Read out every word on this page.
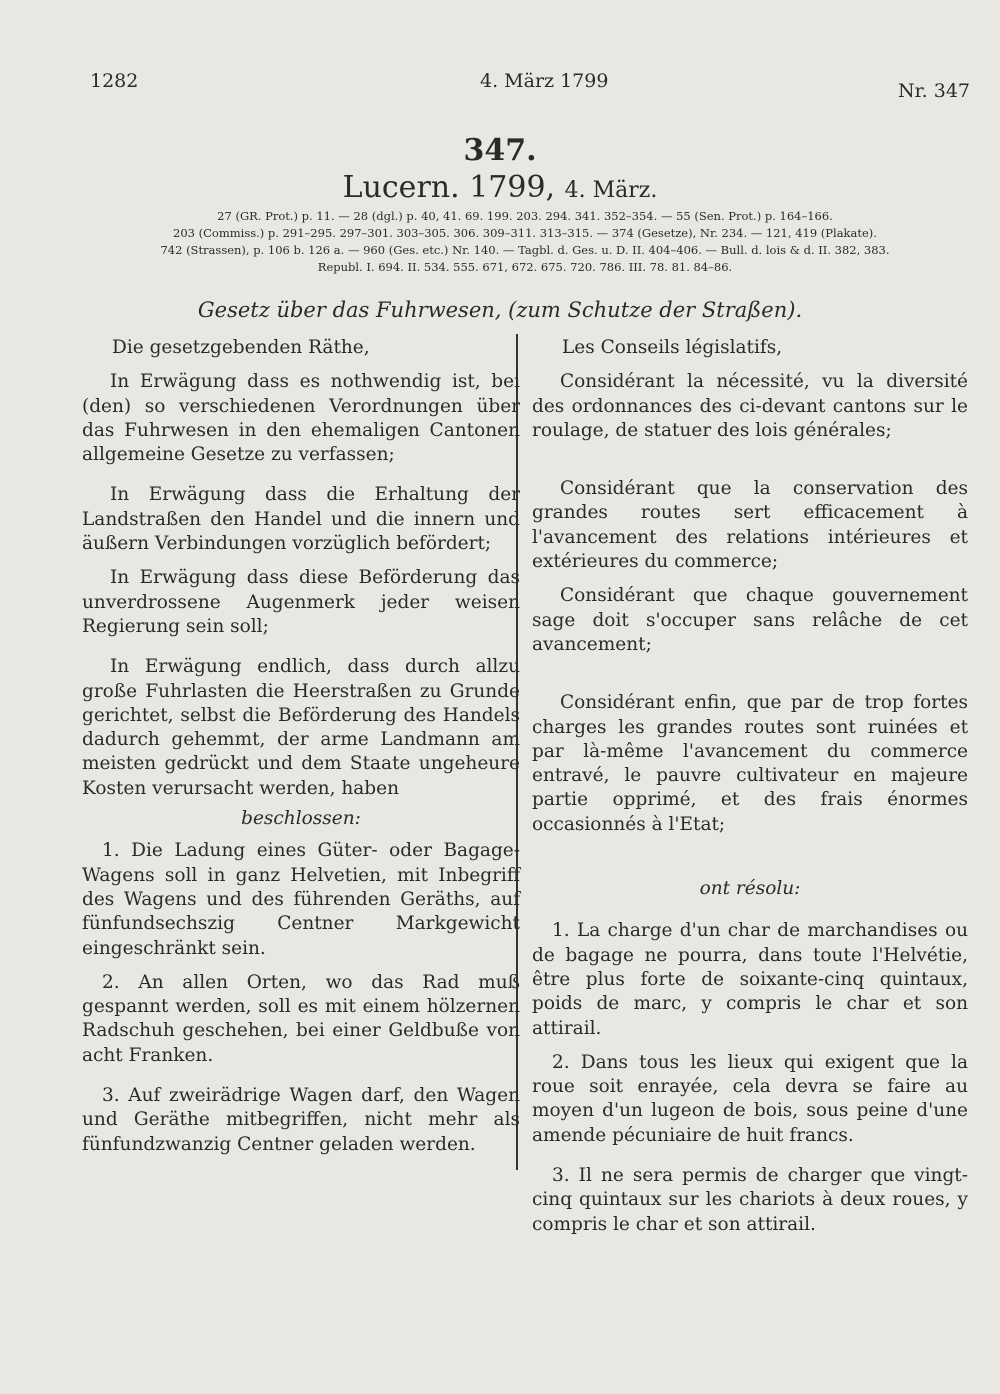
1282	4. März 1799	Nr. 347
347.
Lucern. 1799, 4. März.
27 (GR. Prot.) p. 11. — 28 (dgl.) p. 40, 41. 69. 199. 203. 294. 341. 352–354. — 55 (Sen. Prot.) p. 164–166.
203 (Commiss.) p. 291–295. 297–301. 303–305. 306. 309–311. 313–315. — 374 (Gesetze), Nr. 234. — 121, 419 (Plakate).
742 (Strassen), p. 106 b. 126 a. — 960 (Ges. etc.) Nr. 140. — Tagbl. d. Ges. u. D. II. 404–406. — Bull. d. lois & d. II. 382, 383.
Republ. I. 694. II. 534. 555. 671, 672. 675. 720. 786. III. 78. 81. 84–86.
Gesetz über das Fuhrwesen, (zum Schutze der Straßen).

Die gesetzgebenden Räthe,

In Erwägung dass es nothwendig ist, bei (den) so verschiedenen Verordnungen über das Fuhrwesen in den ehemaligen Cantonen allgemeine Gesetze zu verfassen;

In Erwägung dass die Erhaltung der Landstraßen den Handel und die innern und äußern Verbindungen vorzüglich befördert;

In Erwägung dass diese Beförderung das unverdrossene Augenmerk jeder weisen Regierung sein soll;

In Erwägung endlich, dass durch allzu große Fuhrlasten die Heerstraßen zu Grunde gerichtet, selbst die Beförderung des Handels dadurch gehemmt, der arme Landmann am meisten gedrückt und dem Staate ungeheure Kosten verursacht werden, haben

beschlossen:

1. Die Ladung eines Güter- oder Bagage-Wagens soll in ganz Helvetien, mit Inbegriff des Wagens und des führenden Geräths, auf fünfundsechszig Centner Markgewicht eingeschränkt sein.

2. An allen Orten, wo das Rad muß gespannt werden, soll es mit einem hölzernen Radschuh geschehen, bei einer Geldbuße von acht Franken.

3. Auf zweirädrige Wagen darf, den Wagen und Geräthe mitbegriffen, nicht mehr als fünfundzwanzig Centner geladen werden.

Les Conseils législatifs,

Considérant la nécessité, vu la diversité des ordonnances des ci-devant cantons sur le roulage, de statuer des lois générales;

Considérant que la conservation des grandes routes sert efficacement à l'avancement des relations intérieures et extérieures du commerce;

Considérant que chaque gouvernement sage doit s'occuper sans relâche de cet avancement;

Considérant enfin, que par de trop fortes charges les grandes routes sont ruinées et par là-même l'avancement du commerce entravé, le pauvre cultivateur en majeure partie opprimé, et des frais énormes occasionnés à l'Etat;

ont résolu:

1. La charge d'un char de marchandises ou de bagage ne pourra, dans toute l'Helvétie, être plus forte de soixante-cinq quintaux, poids de marc, y compris le char et son attirail.

2. Dans tous les lieux qui exigent que la roue soit enrayée, cela devra se faire au moyen d'un lugeon de bois, sous peine d'une amende pécuniaire de huit francs.

3. Il ne sera permis de charger que vingt-cinq quintaux sur les chariots à deux roues, y compris le char et son attirail.
